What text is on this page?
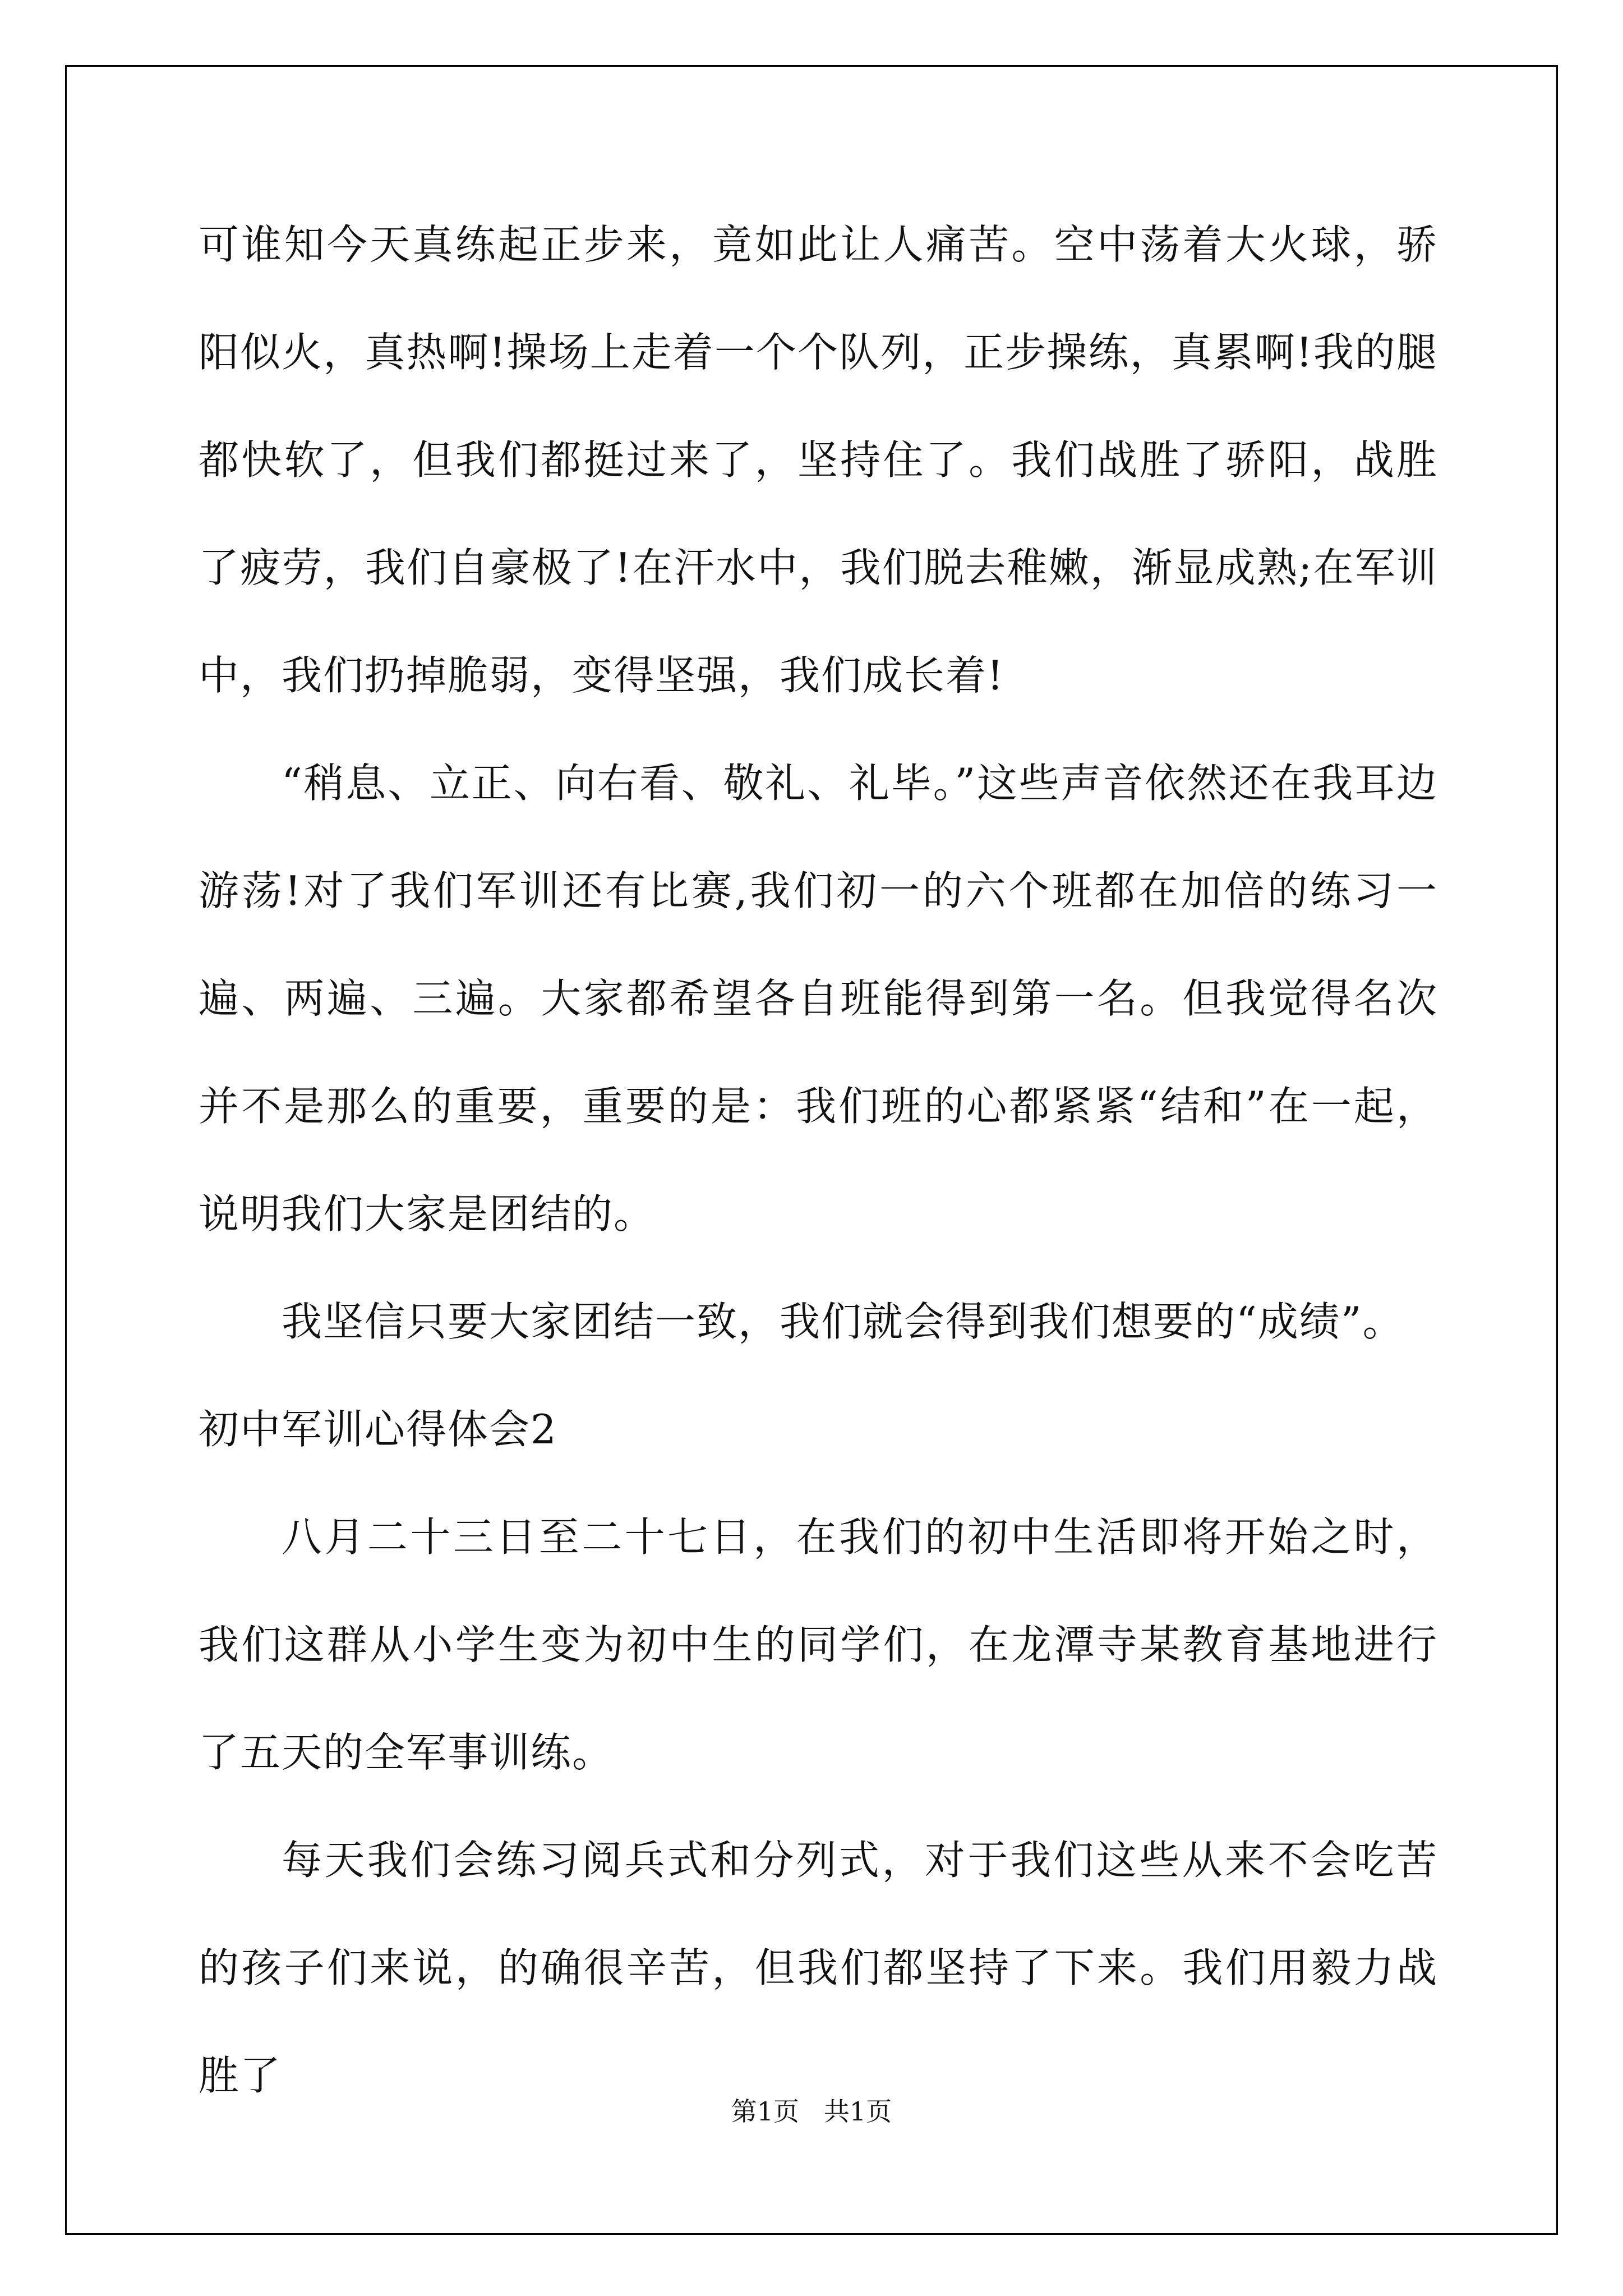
可谁知今天真练起正步来，竟如此让人痛苦。空中荡着大火球，骄阳似火，真热啊!操场上走着一个个队列，正步操练，真累啊!我的腿都快软了，但我们都挺过来了，坚持住了。我们战胜了骄阳，战胜了疲劳，我们自豪极了!在汗水中，我们脱去稚嫩，渐显成熟;在军训中，我们扔掉脆弱，变得坚强，我们成长着!

“稍息、立正、向右看、敬礼、礼毕。”这些声音依然还在我耳边游荡!对了我们军训还有比赛,我们初一的六个班都在加倍的练习一遍、两遍、三遍。大家都希望各自班能得到第一名。但我觉得名次并不是那么的重要，重要的是：我们班的心都紧紧“结和”在一起，说明我们大家是团结的。

我坚信只要大家团结一致，我们就会得到我们想要的“成绩”。

初中军训心得体会2

八月二十三日至二十七日，在我们的初中生活即将开始之时，我们这群从小学生变为初中生的同学们，在龙潭寺某教育基地进行了五天的全军事训练。

每天我们会练习阅兵式和分列式，对于我们这些从来不会吃苦的孩子们来说，的确很辛苦，但我们都坚持了下来。我们用毅力战胜了

第1页   共1页
